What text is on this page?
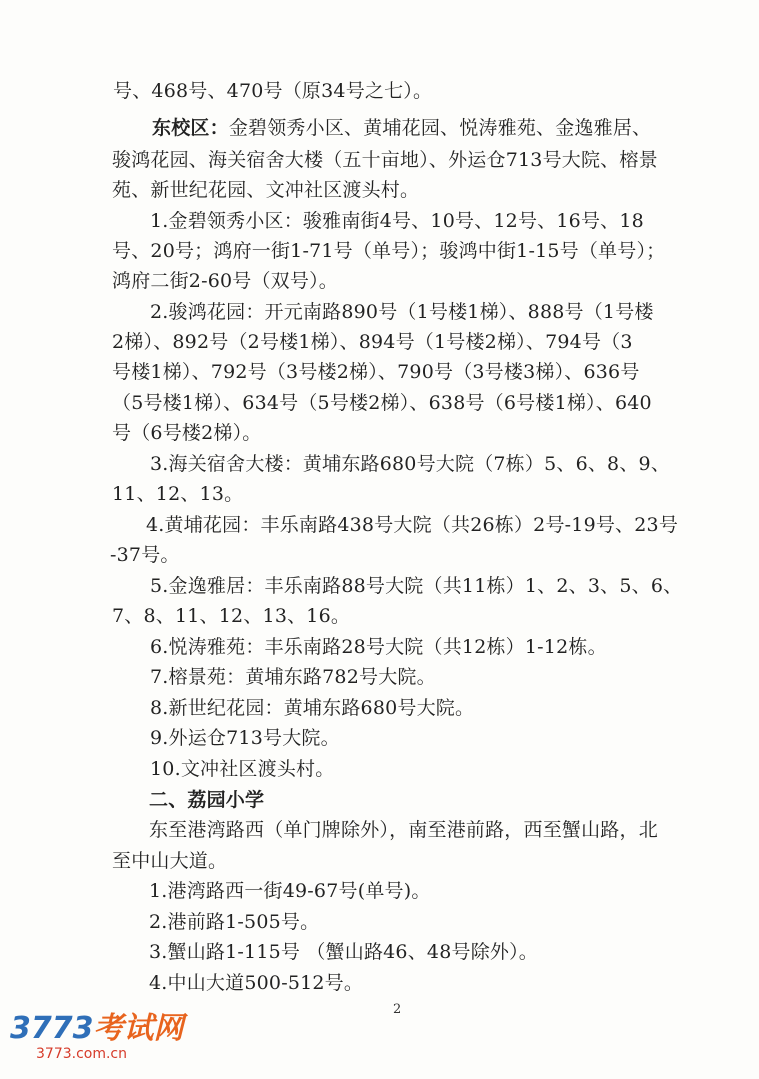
号、468号、470号（原34号之七）。
东校区：金碧领秀小区、黄埔花园、悦涛雅苑、金逸雅居、
骏鸿花园、海关宿舍大楼（五十亩地）、外运仓713号大院、榕景
苑、新世纪花园、文冲社区渡头村。
1.金碧领秀小区：骏雅南街4号、10号、12号、16号、18
号、20号；鸿府一街1-71号（单号）；骏鸿中街1-15号（单号）；
鸿府二街2-60号（双号）。
2.骏鸿花园：开元南路890号（1号楼1梯）、888号（1号楼
2梯）、892号（2号楼1梯）、894号（1号楼2梯）、794号（3
号楼1梯）、792号（3号楼2梯）、790号（3号楼3梯）、636号
（5号楼1梯）、634号（5号楼2梯）、638号（6号楼1梯）、640
号（6号楼2梯）。
3.海关宿舍大楼：黄埔东路680号大院（7栋）5、6、8、9、
11、12、13。
4.黄埔花园：丰乐南路438号大院（共26栋）2号-19号、23号
-37号。
5.金逸雅居：丰乐南路88号大院（共11栋）1、2、3、5、6、
7、8、11、12、13、16。
6.悦涛雅苑：丰乐南路28号大院（共12栋）1-12栋。
7.榕景苑：黄埔东路782号大院。
8.新世纪花园：黄埔东路680号大院。
9.外运仓713号大院。
10.文冲社区渡头村。
二、荔园小学
东至港湾路西（单门牌除外），南至港前路，西至蟹山路，北
至中山大道。
1.港湾路西一街49-67号(单号)。
2.港前路1-505号。
3.蟹山路1-115号 （蟹山路46、48号除外）。
4.中山大道500-512号。
2
3773考试网
3773.com.cn
